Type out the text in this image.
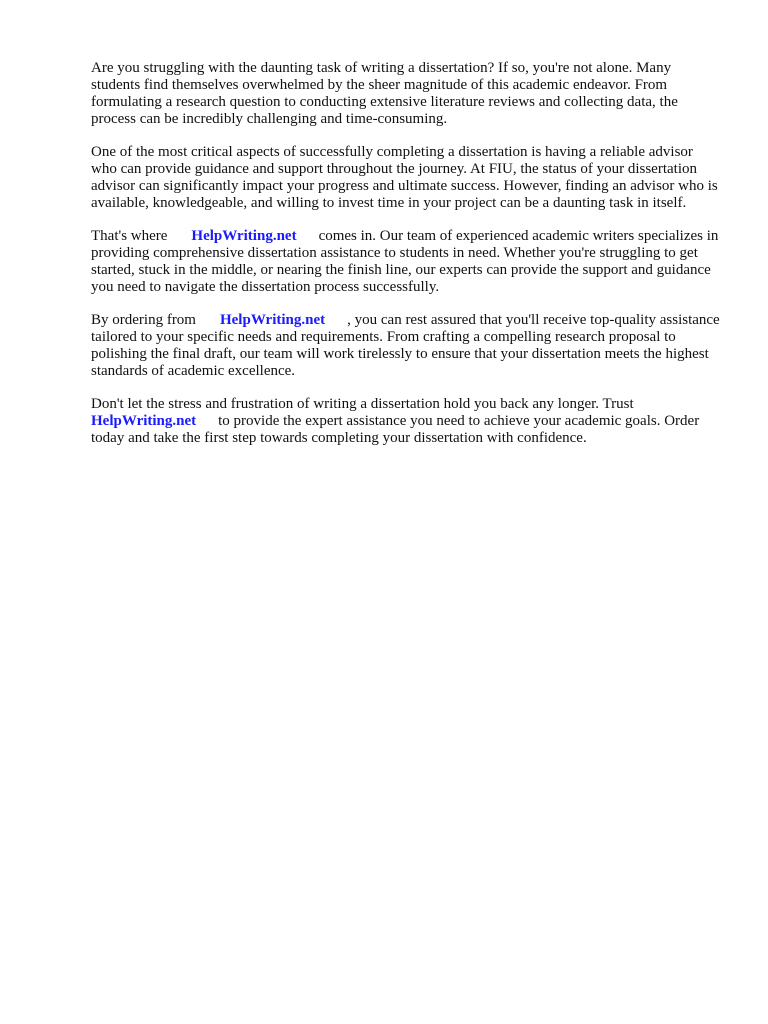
Are you struggling with the daunting task of writing a dissertation? If so, you're not alone. Many students find themselves overwhelmed by the sheer magnitude of this academic endeavor. From formulating a research question to conducting extensive literature reviews and collecting data, the process can be incredibly challenging and time-consuming.

One of the most critical aspects of successfully completing a dissertation is having a reliable advisor who can provide guidance and support throughout the journey. At FIU, the status of your dissertation advisor can significantly impact your progress and ultimate success. However, finding an advisor who is available, knowledgeable, and willing to invest time in your project can be a daunting task in itself.

That's where HelpWriting.net comes in. Our team of experienced academic writers specializes in providing comprehensive dissertation assistance to students in need. Whether you're struggling to get started, stuck in the middle, or nearing the finish line, our experts can provide the support and guidance you need to navigate the dissertation process successfully.

By ordering from HelpWriting.net , you can rest assured that you'll receive top-quality assistance tailored to your specific needs and requirements. From crafting a compelling research proposal to polishing the final draft, our team will work tirelessly to ensure that your dissertation meets the highest standards of academic excellence.

Don't let the stress and frustration of writing a dissertation hold you back any longer. Trust HelpWriting.net to provide the expert assistance you need to achieve your academic goals. Order today and take the first step towards completing your dissertation with confidence.
